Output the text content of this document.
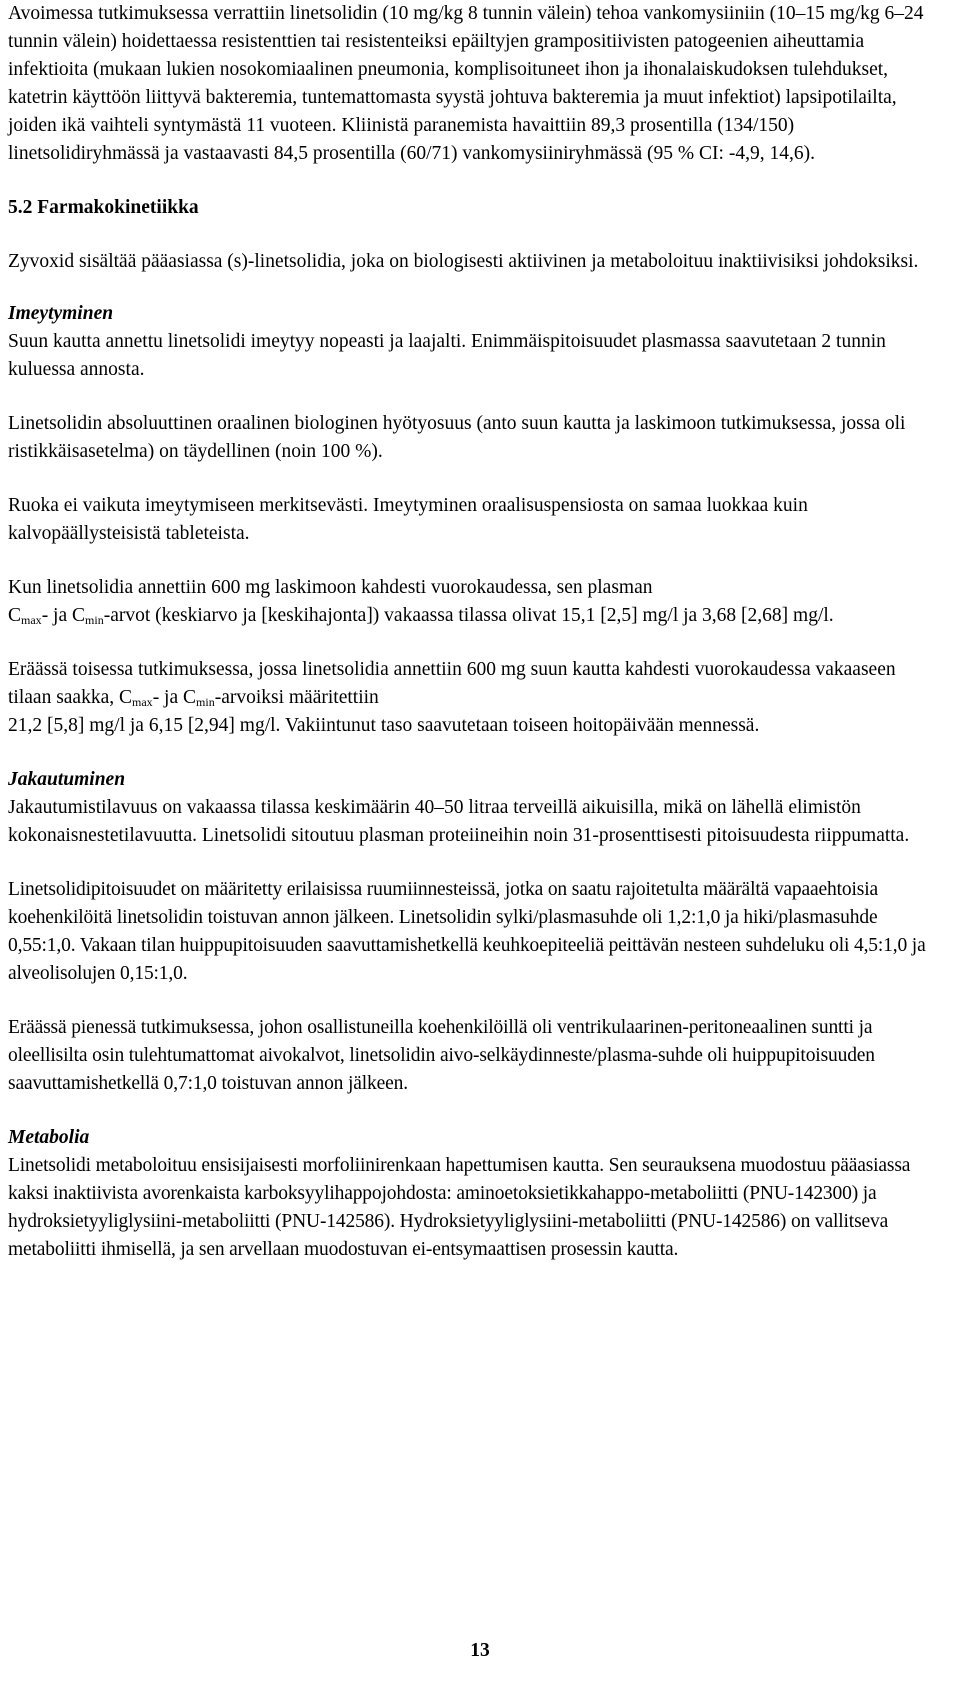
Avoimessa tutkimuksessa verrattiin linetsolidin (10 mg/kg 8 tunnin välein) tehoa vankomysiiniin (10–15 mg/kg 6–24 tunnin välein) hoidettaessa resistenttien tai resistenteiksi epäiltyjen grampositiivisten patogeenien aiheuttamia infektioita (mukaan lukien nosokomiaalinen pneumonia, komplisoituneet ihon ja ihonalaiskudoksen tulehdukset, katetrin käyttöön liittyvä bakteremia, tuntemattomasta syystä johtuva bakteremia ja muut infektiot) lapsipotilailta, joiden ikä vaihteli syntymästä 11 vuoteen. Kliinistä paranemista havaittiin 89,3 prosentilla (134/150) linetsolidiryhmässä ja vastaavasti 84,5 prosentilla (60/71) vankomysiiniryhmässä (95 % CI: -4,9, 14,6).

5.2 Farmakokinetiikka

Zyvoxid sisältää pääasiassa (s)-linetsolidia, joka on biologisesti aktiivinen ja metaboloituu inaktiivisiksi johdoksiksi.

Imeytyminen

Suun kautta annettu linetsolidi imeytyy nopeasti ja laajalti. Enimmäispitoisuudet plasmassa saavutetaan 2 tunnin kuluessa annosta.

Linetsolidin absoluuttinen oraalinen biologinen hyötyosuus (anto suun kautta ja laskimoon tutkimuksessa, jossa oli ristikkäisasetelma) on täydellinen (noin 100 %).

Ruoka ei vaikuta imeytymiseen merkitsevästi. Imeytyminen oraalisuspensiosta on samaa luokkaa kuin kalvopäällysteisistä tableteista.

Kun linetsolidia annettiin 600 mg laskimoon kahdesti vuorokaudessa, sen plasman
$C_{max}-$ ja $C_{min}$-arvot (keskiarvo ja [keskihajonta]) vakaassa tilassa olivat 15,1 [2,5] mg/l ja 3,68 [2,68] mg/l.

Eräässä toisessa tutkimuksessa, jossa linetsolidia annettiin 600 mg suun kautta kahdesti vuorokaudessa vakaaseen tilaan saakka, $C_{max}-$ ja $C_{min}$-arvoiksi määritettiin
21,2 [5,8] mg/l ja 6,15 [2,94] mg/l. Vakiintunut taso saavutetaan toiseen hoitopäivään mennessä.

Jakautuminen

Jakautumistilavuus on vakaassa tilassa keskimäärin 40–50 litraa terveillä aikuisilla, mikä on lähellä elimistön kokonaisnestetilavuutta. Linetsolidi sitoutuu plasman proteiineihin noin 31-prosenttisesti pitoisuudesta riippumatta.

Linetsolidipitoisuudet on määritetty erilaisissa ruumiinnesteissä, jotka on saatu rajoitetulta määrältä vapaaehtoisia koehenkilöitä linetsolidin toistuvan annon jälkeen. Linetsolidin sylki/plasmasuhde oli 1,2:1,0 ja hiki/plasmasuhde 0,55:1,0. Vakaan tilan huippupitoisuuden saavuttamishetkellä keuhkoepiteeliä peittävän nesteen suhdeluku oli 4,5:1,0 ja alveolisolujen 0,15:1,0.

Eräässä pienessä tutkimuksessa, johon osallistuneilla koehenkilöillä oli ventrikulaarinen-peritoneaalinen suntti ja oleellisilta osin tulehtumattomat aivokalvot, linetsolidin aivo-selkäydinneste/plasma-suhde oli huippupitoisuuden saavuttamishetkellä 0,7:1,0 toistuvan annon jälkeen.

Metabolia

Linetsolidi metaboloituu ensisijaisesti morfoliinirenkaan hapettumisen kautta. Sen seurauksena muodostuu pääasiassa kaksi inaktiivista avorenkaista karboksyylihappojohdosta: aminoetoksietikkahappo-metaboliitti (PNU-142300) ja hydroksietyyliglysiini-metaboliitti (PNU-142586). Hydroksietyyliglysiini-metaboliitti (PNU-142586) on vallitseva metaboliitti ihmisellä, ja sen arvellaan muodostuvan ei-entsymaattisen prosessin kautta.

13
